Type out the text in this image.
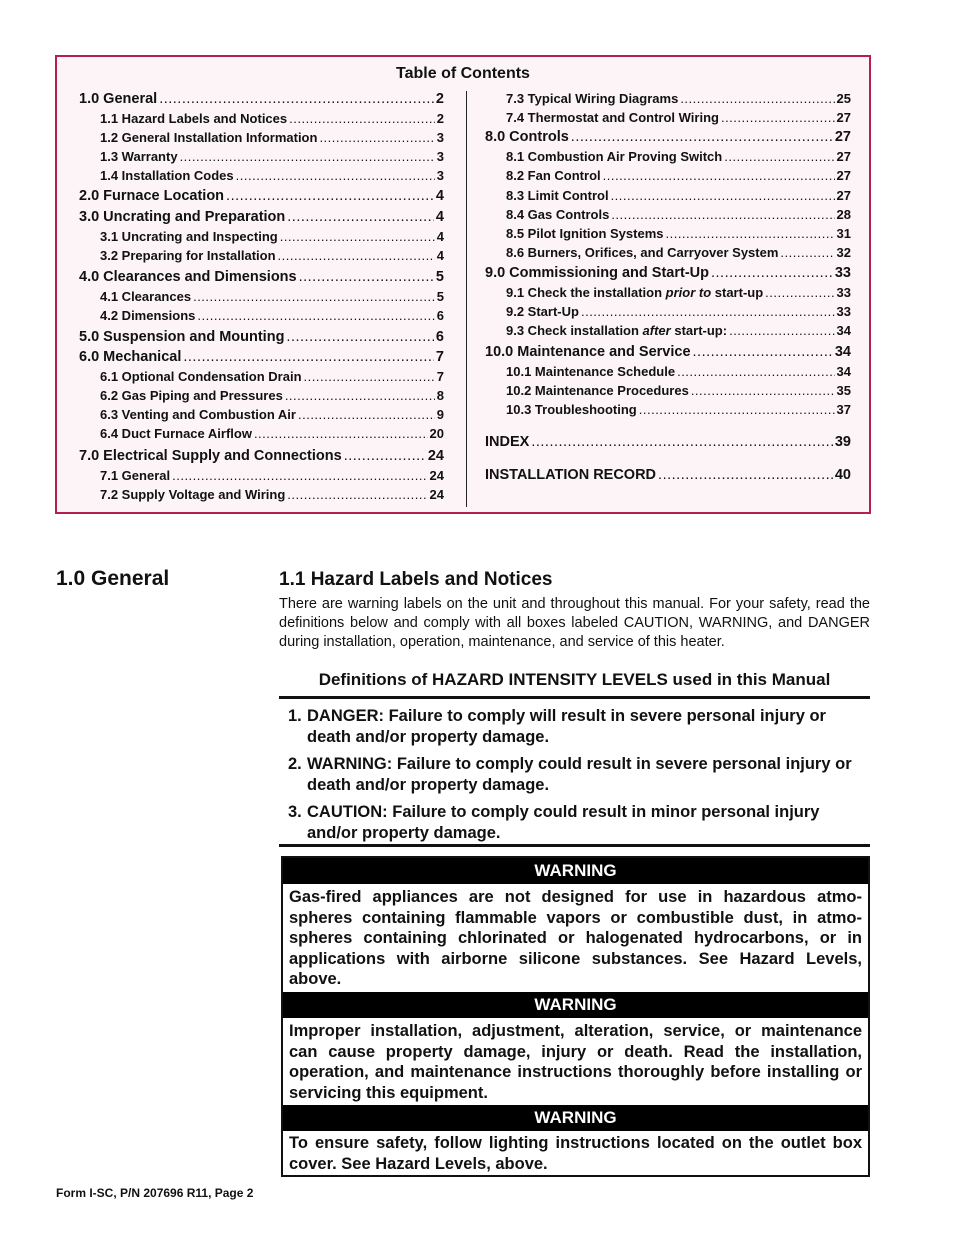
Table of Contents
1.0 General .....	2
1.1 Hazard Labels and Notices .....	2
1.2 General Installation Information .....	3
1.3 Warranty .....	3
1.4 Installation Codes .....	3
2.0 Furnace Location .....	4
3.0 Uncrating and Preparation .....	4
3.1 Uncrating and Inspecting .....	4
3.2 Preparing for Installation .....	4
4.0 Clearances and Dimensions .....	5
4.1 Clearances .....	5
4.2 Dimensions .....	6
5.0 Suspension and Mounting .....	6
6.0 Mechanical .....	7
6.1 Optional Condensation Drain .....	7
6.2 Gas Piping and Pressures .....	8
6.3 Venting and Combustion Air .....	9
6.4 Duct Furnace Airflow .....	20
7.0 Electrical Supply and Connections .....	24
7.1 General .....	24
7.2 Supply Voltage and Wiring .....	24
7.3 Typical Wiring Diagrams .....	25
7.4 Thermostat and Control Wiring .....	27
8.0 Controls .....	27
8.1 Combustion Air Proving Switch .....	27
8.2 Fan Control .....	27
8.3 Limit Control .....	27
8.4 Gas Controls .....	28
8.5 Pilot Ignition Systems .....	31
8.6 Burners, Orifices, and Carryover System .....	32
9.0 Commissioning and Start-Up .....	33
9.1 Check the installation prior to start-up .....	33
9.2 Start-Up .....	33
9.3 Check installation after start-up: .....	34
10.0 Maintenance and Service .....	34
10.1 Maintenance Schedule .....	34
10.2 Maintenance Procedures .....	35
10.3 Troubleshooting .....	37
INDEX .....	39
INSTALLATION RECORD .....	40
1.0 General	1.1 Hazard Labels and Notices

There are warning labels on the unit and throughout this manual. For your safety, read the definitions below and comply with all boxes labeled CAUTION, WARNING, and DANGER during installation, operation, maintenance, and service of this heater.

Definitions of HAZARD INTENSITY LEVELS used in this Manual
1. DANGER: Failure to comply will result in severe personal injury or death and/or property damage.
2. WARNING: Failure to comply could result in severe personal injury or death and/or property damage.
3. CAUTION: Failure to comply could result in minor personal injury and/or property damage.
WARNING
Gas-fired appliances are not designed for use in hazardous atmo-spheres containing flammable vapors or combustible dust, in atmo-spheres containing chlorinated or halogenated hydrocarbons, or in applications with airborne silicone substances. See Hazard Levels, above.
WARNING
Improper installation, adjustment, alteration, service, or maintenance can cause property damage, injury or death. Read the installation, operation, and maintenance instructions thoroughly before installing or servicing this equipment.
WARNING
To ensure safety, follow lighting instructions located on the outlet box cover. See Hazard Levels, above.
Form I-SC, P/N 207696 R11, Page 2
